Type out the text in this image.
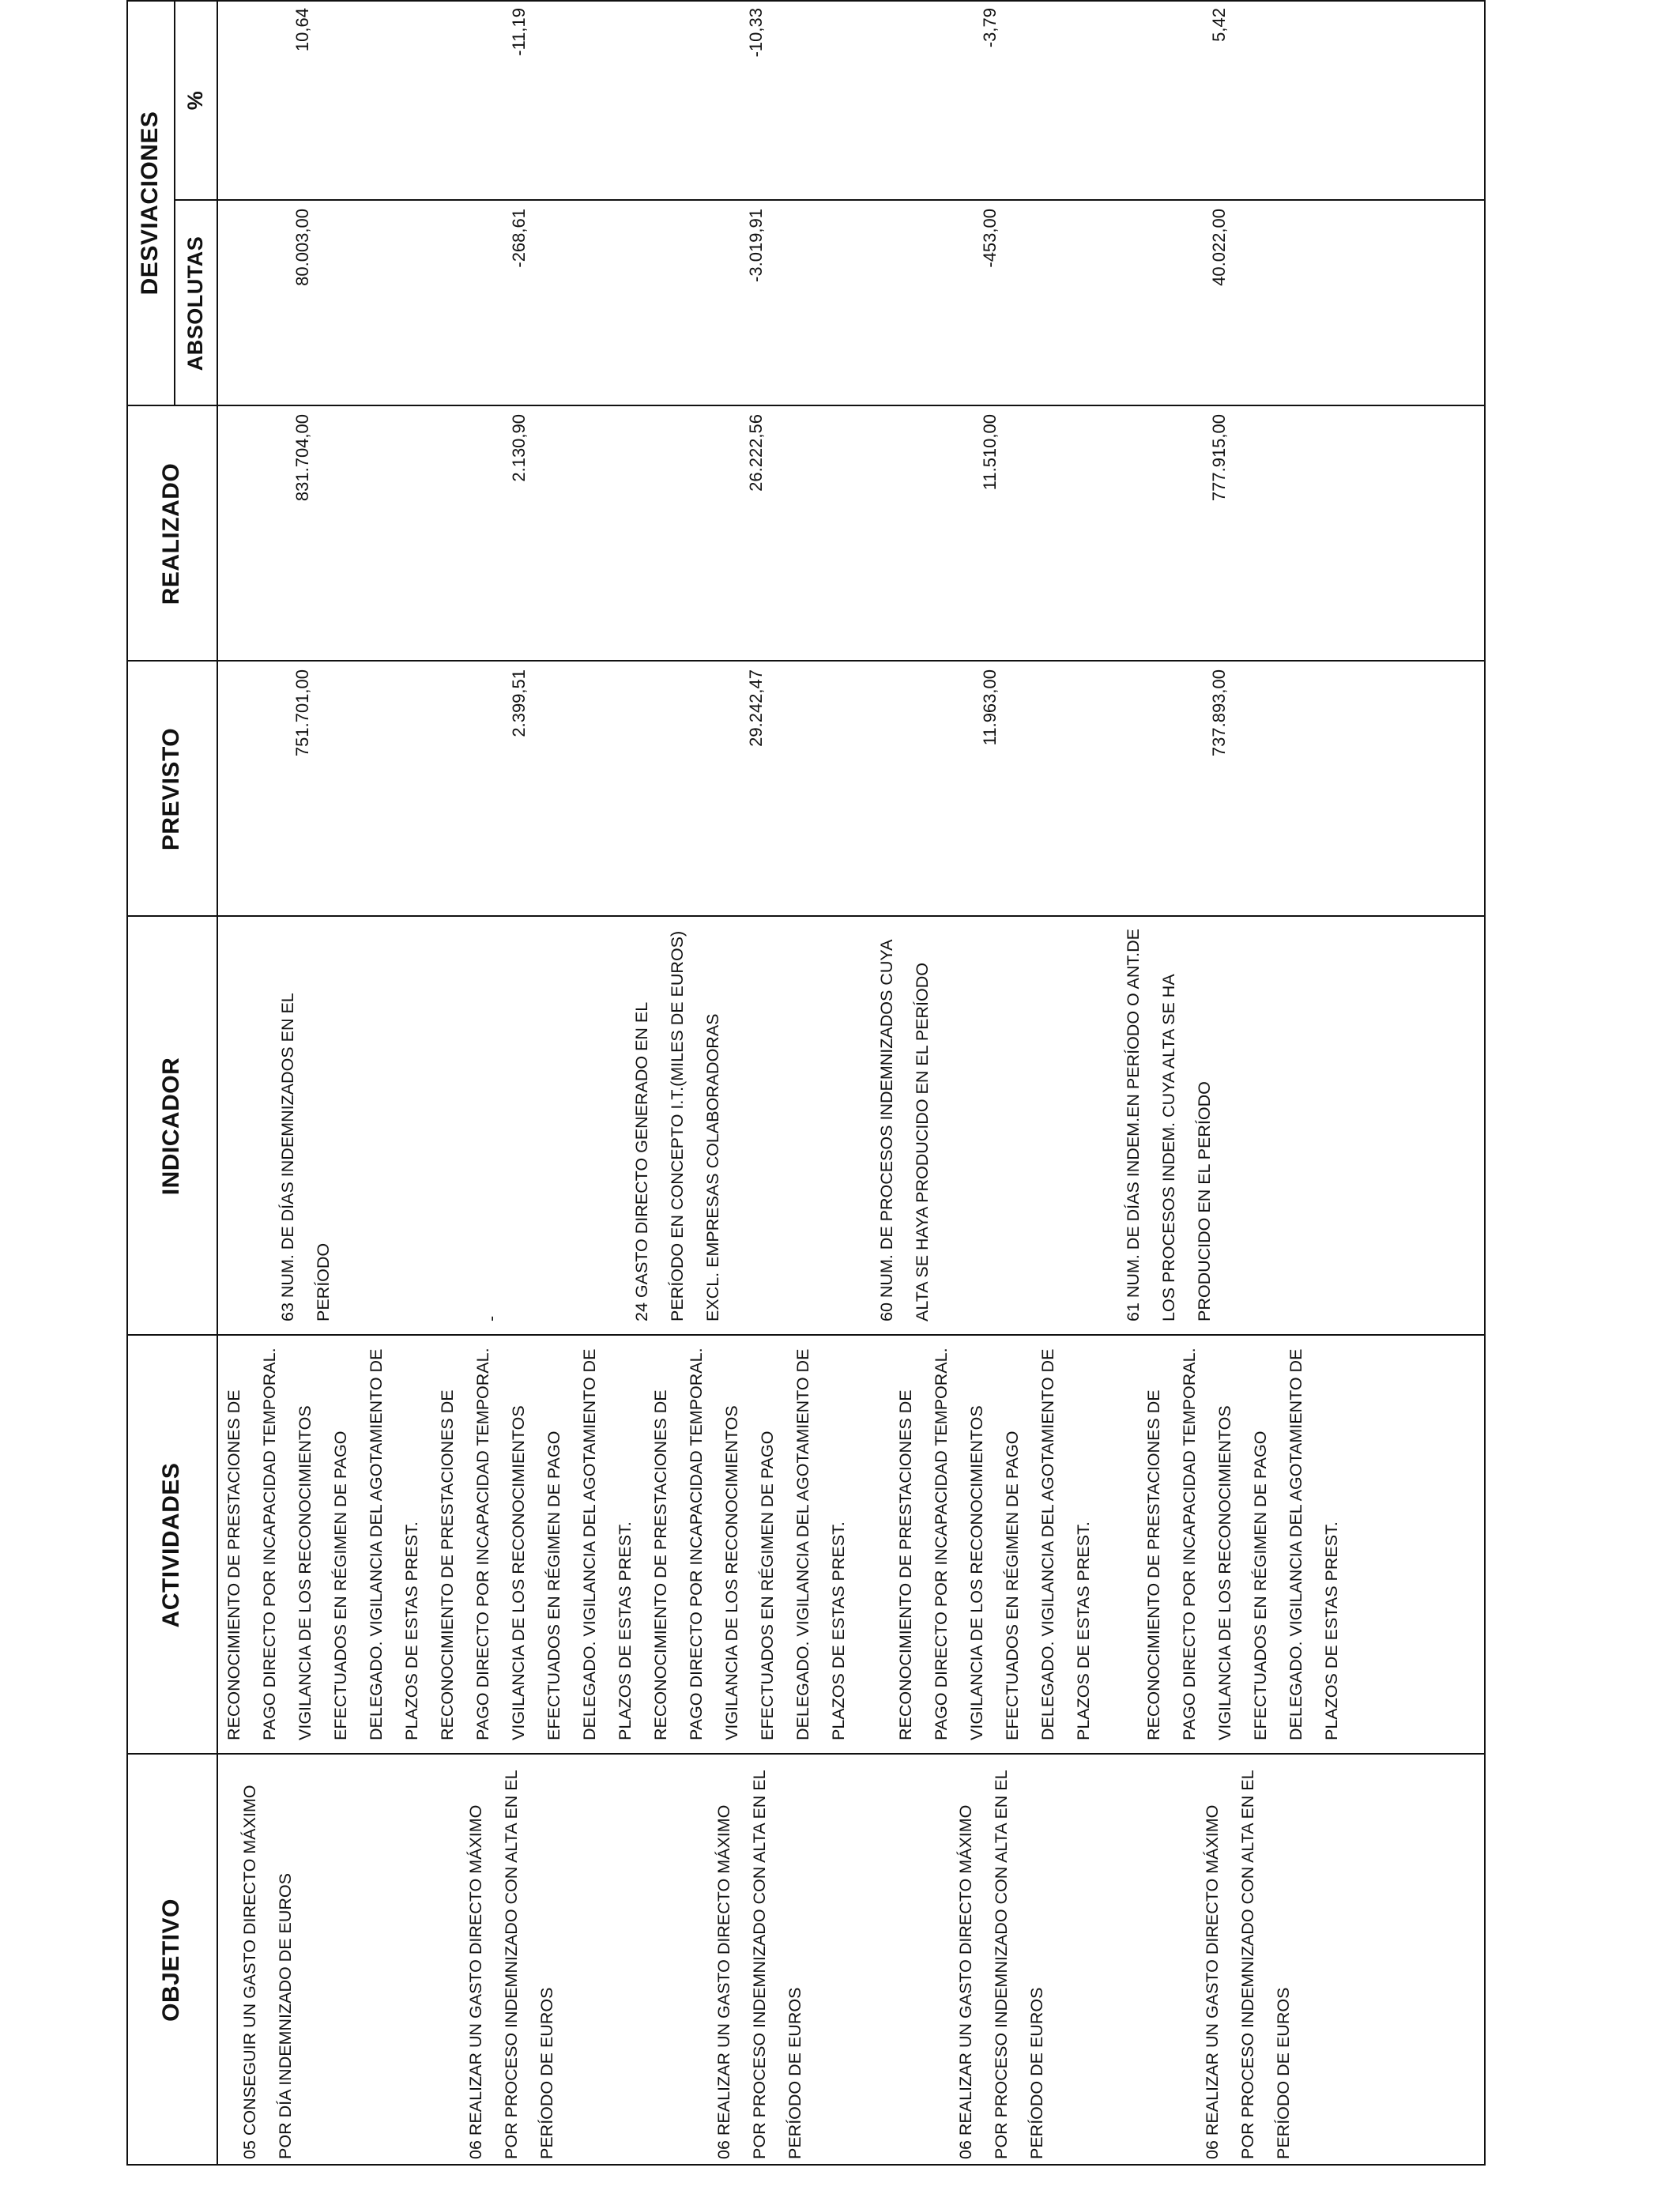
OBJETIVO
ACTIVIDADES
INDICADOR
PREVISTO
REALIZADO
DESVIACIONES
ABSOLUTAS
%
05 CONSEGUIR UN GASTO DIRECTO MÁXIMO POR DÍA INDEMNIZADO DE EUROS
RECONOCIMIENTO DE PRESTACIONES DE PAGO DIRECTO POR INCAPACIDAD TEMPORAL. VIGILANCIA DE LOS RECONOCIMIENTOS EFECTUADOS EN RÉGIMEN DE PAGO DELEGADO. VIGILANCIA DEL AGOTAMIENTO DE PLAZOS DE ESTAS PREST.
63 NUM. DE DÍAS INDEMNIZADOS EN EL PERÍODO
751.701,00
831.704,00
80.003,00
10,64
06 REALIZAR UN GASTO DIRECTO MÁXIMO POR PROCESO INDEMNIZADO CON ALTA EN EL PERÍODO DE EUROS
RECONOCIMIENTO DE PRESTACIONES DE PAGO DIRECTO POR INCAPACIDAD TEMPORAL. VIGILANCIA DE LOS RECONOCIMIENTOS EFECTUADOS EN RÉGIMEN DE PAGO DELEGADO. VIGILANCIA DEL AGOTAMIENTO DE PLAZOS DE ESTAS PREST.
-
2.399,51
2.130,90
-268,61
-11,19
06 REALIZAR UN GASTO DIRECTO MÁXIMO POR PROCESO INDEMNIZADO CON ALTA EN EL PERÍODO DE EUROS
RECONOCIMIENTO DE PRESTACIONES DE PAGO DIRECTO POR INCAPACIDAD TEMPORAL. VIGILANCIA DE LOS RECONOCIMIENTOS EFECTUADOS EN RÉGIMEN DE PAGO DELEGADO. VIGILANCIA DEL AGOTAMIENTO DE PLAZOS DE ESTAS PREST.
24 GASTO DIRECTO GENERADO EN EL PERÍODO EN CONCEPTO I.T.(MILES DE EUROS) EXCL. EMPRESAS COLABORADORAS
29.242,47
26.222,56
-3.019,91
-10,33
06 REALIZAR UN GASTO DIRECTO MÁXIMO POR PROCESO INDEMNIZADO CON ALTA EN EL PERÍODO DE EUROS
RECONOCIMIENTO DE PRESTACIONES DE PAGO DIRECTO POR INCAPACIDAD TEMPORAL. VIGILANCIA DE LOS RECONOCIMIENTOS EFECTUADOS EN RÉGIMEN DE PAGO DELEGADO. VIGILANCIA DEL AGOTAMIENTO DE PLAZOS DE ESTAS PREST.
60 NUM. DE PROCESOS INDEMNIZADOS CUYA ALTA SE HAYA PRODUCIDO EN EL PERÍODO
11.963,00
11.510,00
-453,00
-3,79
06 REALIZAR UN GASTO DIRECTO MÁXIMO POR PROCESO INDEMNIZADO CON ALTA EN EL PERÍODO DE EUROS
RECONOCIMIENTO DE PRESTACIONES DE PAGO DIRECTO POR INCAPACIDAD TEMPORAL. VIGILANCIA DE LOS RECONOCIMIENTOS EFECTUADOS EN RÉGIMEN DE PAGO DELEGADO. VIGILANCIA DEL AGOTAMIENTO DE PLAZOS DE ESTAS PREST.
61 NUM. DE DÍAS INDEM.EN PERÍODO O ANT.DE LOS PROCESOS INDEM. CUYA ALTA SE HA PRODUCIDO EN EL PERÍODO
737.893,00
777.915,00
40.022,00
5,42
